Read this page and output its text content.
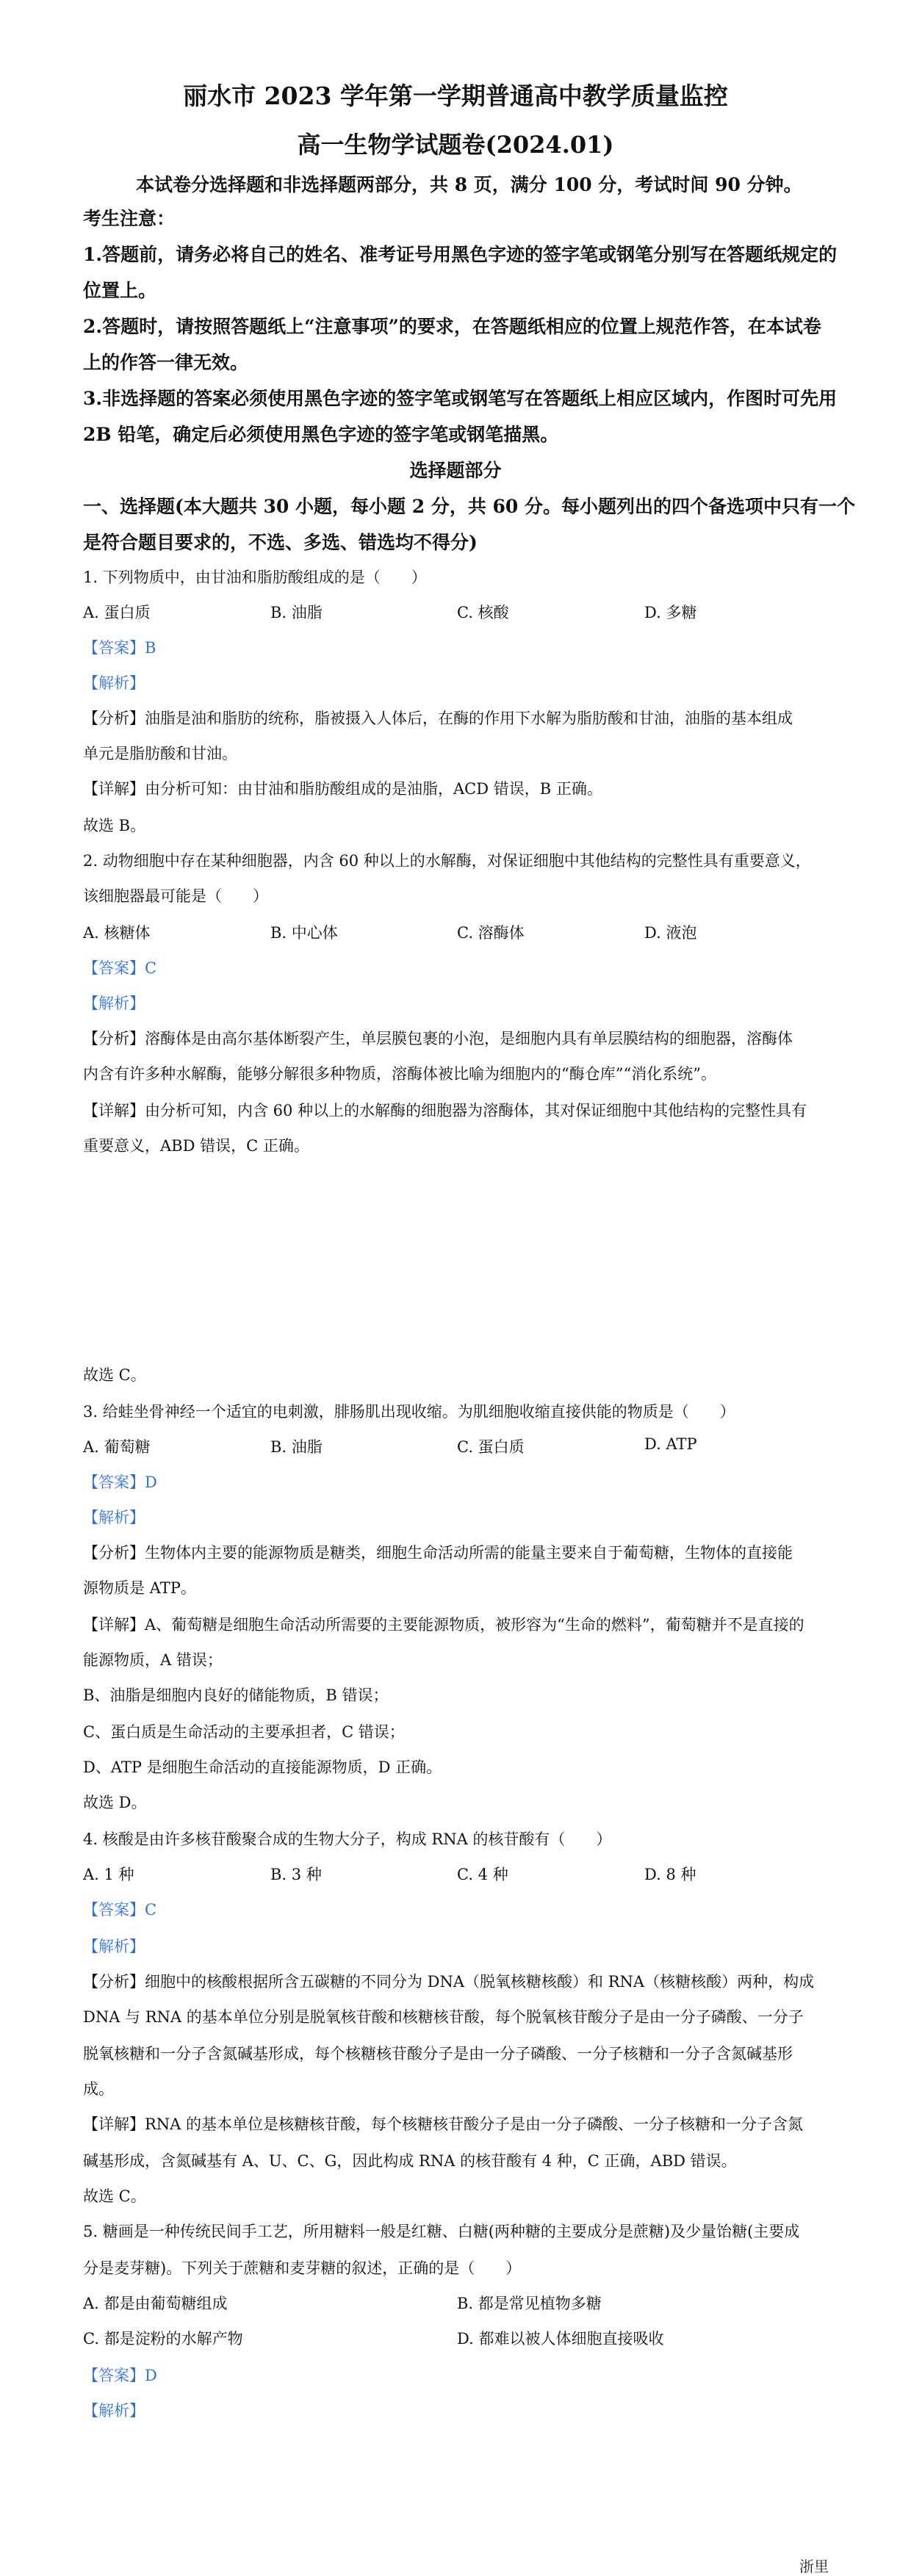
丽水市 2023 学年第一学期普通高中教学质量监控
高一生物学试题卷(2024.01)
本试卷分选择题和非选择题两部分，共 8 页，满分 100 分，考试时间 90 分钟。
考生注意：
1.答题前，请务必将自己的姓名、准考证号用黑色字迹的签字笔或钢笔分别写在答题纸规定的
位置上。
2.答题时，请按照答题纸上“注意事项”的要求，在答题纸相应的位置上规范作答，在本试卷
上的作答一律无效。
3.非选择题的答案必须使用黑色字迹的签字笔或钢笔写在答题纸上相应区域内，作图时可先用
2B 铅笔，确定后必须使用黑色字迹的签字笔或钢笔描黑。
选择题部分
一、选择题(本大题共 30 小题，每小题 2 分，共 60 分。每小题列出的四个备选项中只有一个
是符合题目要求的，不选、多选、错选均不得分)
1. 下列物质中，由甘油和脂肪酸组成的是（　　）
A. 蛋白质	B. 油脂	C. 核酸	D. 多糖
【答案】B
【解析】
【分析】油脂是油和脂肪的统称，脂被摄入人体后，在酶的作用下水解为脂肪酸和甘油，油脂的基本组成
单元是脂肪酸和甘油。
【详解】由分析可知：由甘油和脂肪酸组成的是油脂，ACD 错误，B 正确。
故选 B。
2. 动物细胞中存在某种细胞器，内含 60 种以上的水解酶，对保证细胞中其他结构的完整性具有重要意义，
该细胞器最可能是（　　）
A. 核糖体	B. 中心体	C. 溶酶体	D. 液泡
【答案】C
【解析】
【分析】溶酶体是由高尔基体断裂产生，单层膜包裹的小泡，是细胞内具有单层膜结构的细胞器，溶酶体
内含有许多种水解酶，能够分解很多种物质，溶酶体被比喻为细胞内的“酶仓库”“消化系统”。
【详解】由分析可知，内含 60 种以上的水解酶的细胞器为溶酶体，其对保证细胞中其他结构的完整性具有
重要意义，ABD 错误，C 正确。
故选 C。
3. 给蛙坐骨神经一个适宜的电刺激，腓肠肌出现收缩。为肌细胞收缩直接供能的物质是（　　）
A. 葡萄糖	B. 油脂	C. 蛋白质	D. ATP
【答案】D
【解析】
【分析】生物体内主要的能源物质是糖类，细胞生命活动所需的能量主要来自于葡萄糖，生物体的直接能
源物质是 ATP。
【详解】A、葡萄糖是细胞生命活动所需要的主要能源物质，被形容为“生命的燃料”，葡萄糖并不是直接的
能源物质，A 错误；
B、油脂是细胞内良好的储能物质，B 错误；
C、蛋白质是生命活动的主要承担者，C 错误；
D、ATP 是细胞生命活动的直接能源物质，D 正确。
故选 D。
4. 核酸是由许多核苷酸聚合成的生物大分子，构成 RNA 的核苷酸有（　　）
A. 1 种	B. 3 种	C. 4 种	D. 8 种
【答案】C
【解析】
【分析】细胞中的核酸根据所含五碳糖的不同分为 DNA（脱氧核糖核酸）和 RNA（核糖核酸）两种，构成
DNA 与 RNA 的基本单位分别是脱氧核苷酸和核糖核苷酸，每个脱氧核苷酸分子是由一分子磷酸、一分子
脱氧核糖和一分子含氮碱基形成，每个核糖核苷酸分子是由一分子磷酸、一分子核糖和一分子含氮碱基形
成。
【详解】RNA 的基本单位是核糖核苷酸，每个核糖核苷酸分子是由一分子磷酸、一分子核糖和一分子含氮
碱基形成，含氮碱基有 A、U、C、G，因此构成 RNA 的核苷酸有 4 种，C 正确，ABD 错误。
故选 C。
5. 糖画是一种传统民间手工艺，所用糖料一般是红糖、白糖(两种糖的主要成分是蔗糖)及少量饴糖(主要成
分是麦芽糖)。下列关于蔗糖和麦芽糖的叙述，正确的是（　　）
A. 都是由葡萄糖组成	B. 都是常见植物多糖
C. 都是淀粉的水解产物	D. 都难以被人体细胞直接吸收
【答案】D
【解析】
浙里
